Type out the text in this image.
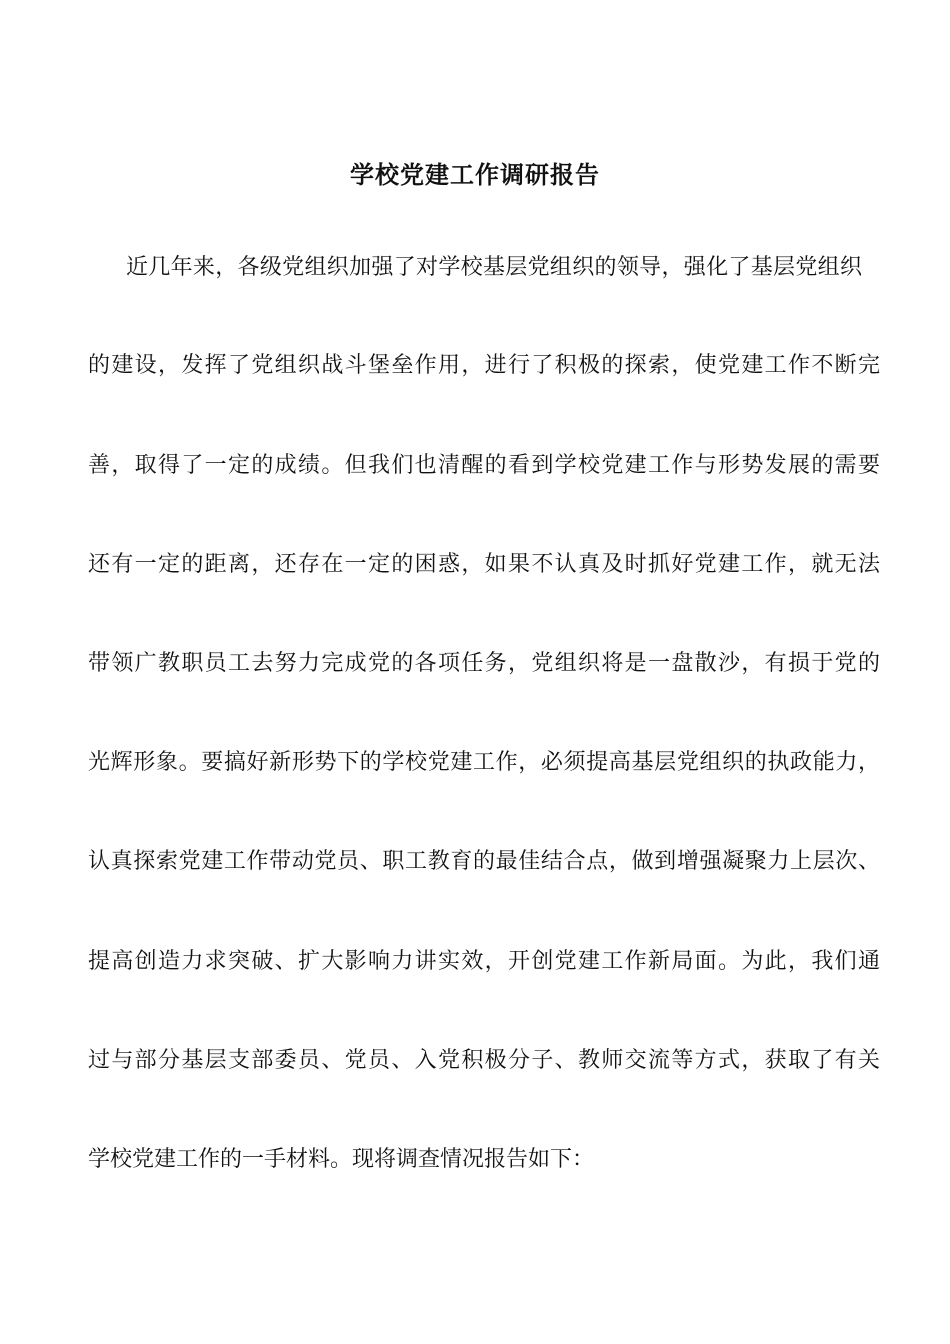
学校党建工作调研报告

近几年来，各级党组织加强了对学校基层党组织的领导，强化了基层党组织

的建设，发挥了党组织战斗堡垒作用，进行了积极的探索，使党建工作不断完

善，取得了一定的成绩。但我们也清醒的看到学校党建工作与形势发展的需要

还有一定的距离，还存在一定的困惑，如果不认真及时抓好党建工作，就无法

带领广教职员工去努力完成党的各项任务，党组织将是一盘散沙，有损于党的

光辉形象。要搞好新形势下的学校党建工作，必须提高基层党组织的执政能力，

认真探索党建工作带动党员、职工教育的最佳结合点，做到增强凝聚力上层次、

提高创造力求突破、扩大影响力讲实效，开创党建工作新局面。为此，我们通

过与部分基层支部委员、党员、入党积极分子、教师交流等方式，获取了有关

学校党建工作的一手材料。现将调查情况报告如下：
